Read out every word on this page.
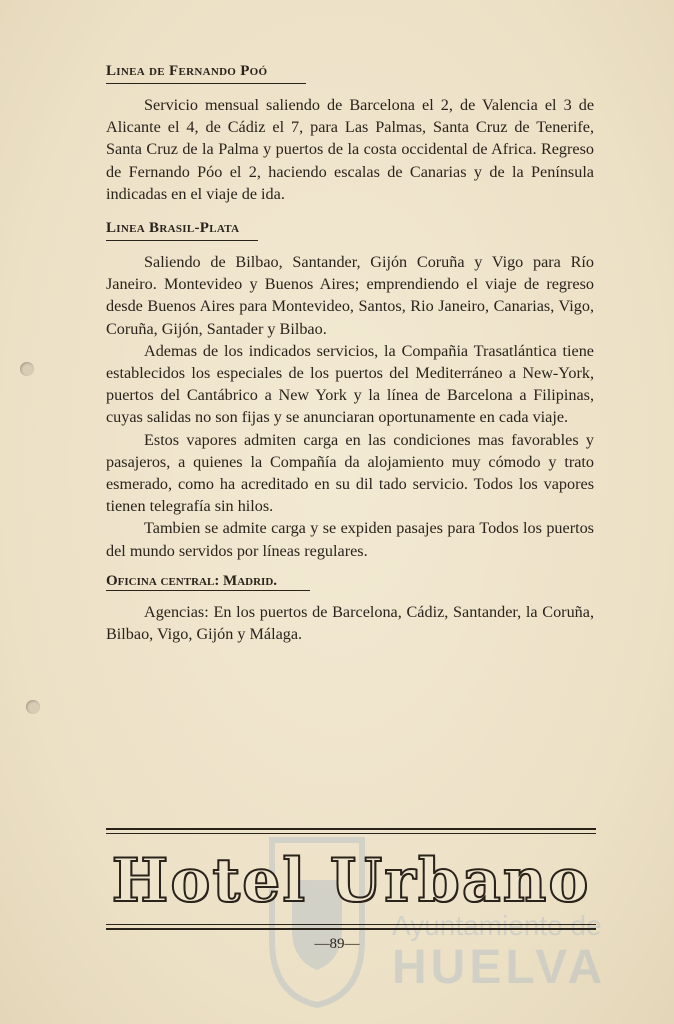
Ayuntamiento de
HUELVA
Linea de Fernando Poó

Servicio mensual saliendo de Barcelona el 2, de Valencia el 3 de Alicante el 4, de Cádiz el 7, para Las Palmas, Santa Cruz de Tenerife, Santa Cruz de la Palma y puertos de la costa occidental de Africa. Regreso de Fernando Póo el 2, haciendo escalas de Canarias y de la Península indicadas en el viaje de ida.

Linea Brasil-Plata

Saliendo de Bilbao, Santander, Gijón Coruña y Vigo para Río Janeiro. Montevideo y Buenos Aires; emprendiendo el viaje de regreso desde Buenos Aires para Montevideo, Santos, Rio Janeiro, Canarias, Vigo, Coruña, Gijón, Santader y Bilbao.

Ademas de los indicados servicios, la Compañia Trasatlántica tiene establecidos los especiales de los puertos del Mediterráneo a New-York, puertos del Cantábrico a New York y la línea de Barcelona a Filipinas, cuyas salidas no son fijas y se anunciaran oportunamente en cada viaje.

Estos vapores admiten carga en las condiciones mas favorables y pasajeros, a quienes la Compañía da alojamiento muy cómodo y trato esmerado, como ha acreditado en su dil tado servicio. Todos los vapores tienen telegrafía sin hilos.

Tambien se admite carga y se expiden pasajes para Todos los puertos del mundo servidos por líneas regulares.

Oficina central: Madrid.

Agencias: En los puertos de Barcelona, Cádiz, Santander, la Coruña, Bilbao, Vigo, Gijón y Málaga.

Hotel Urbano
—89—
